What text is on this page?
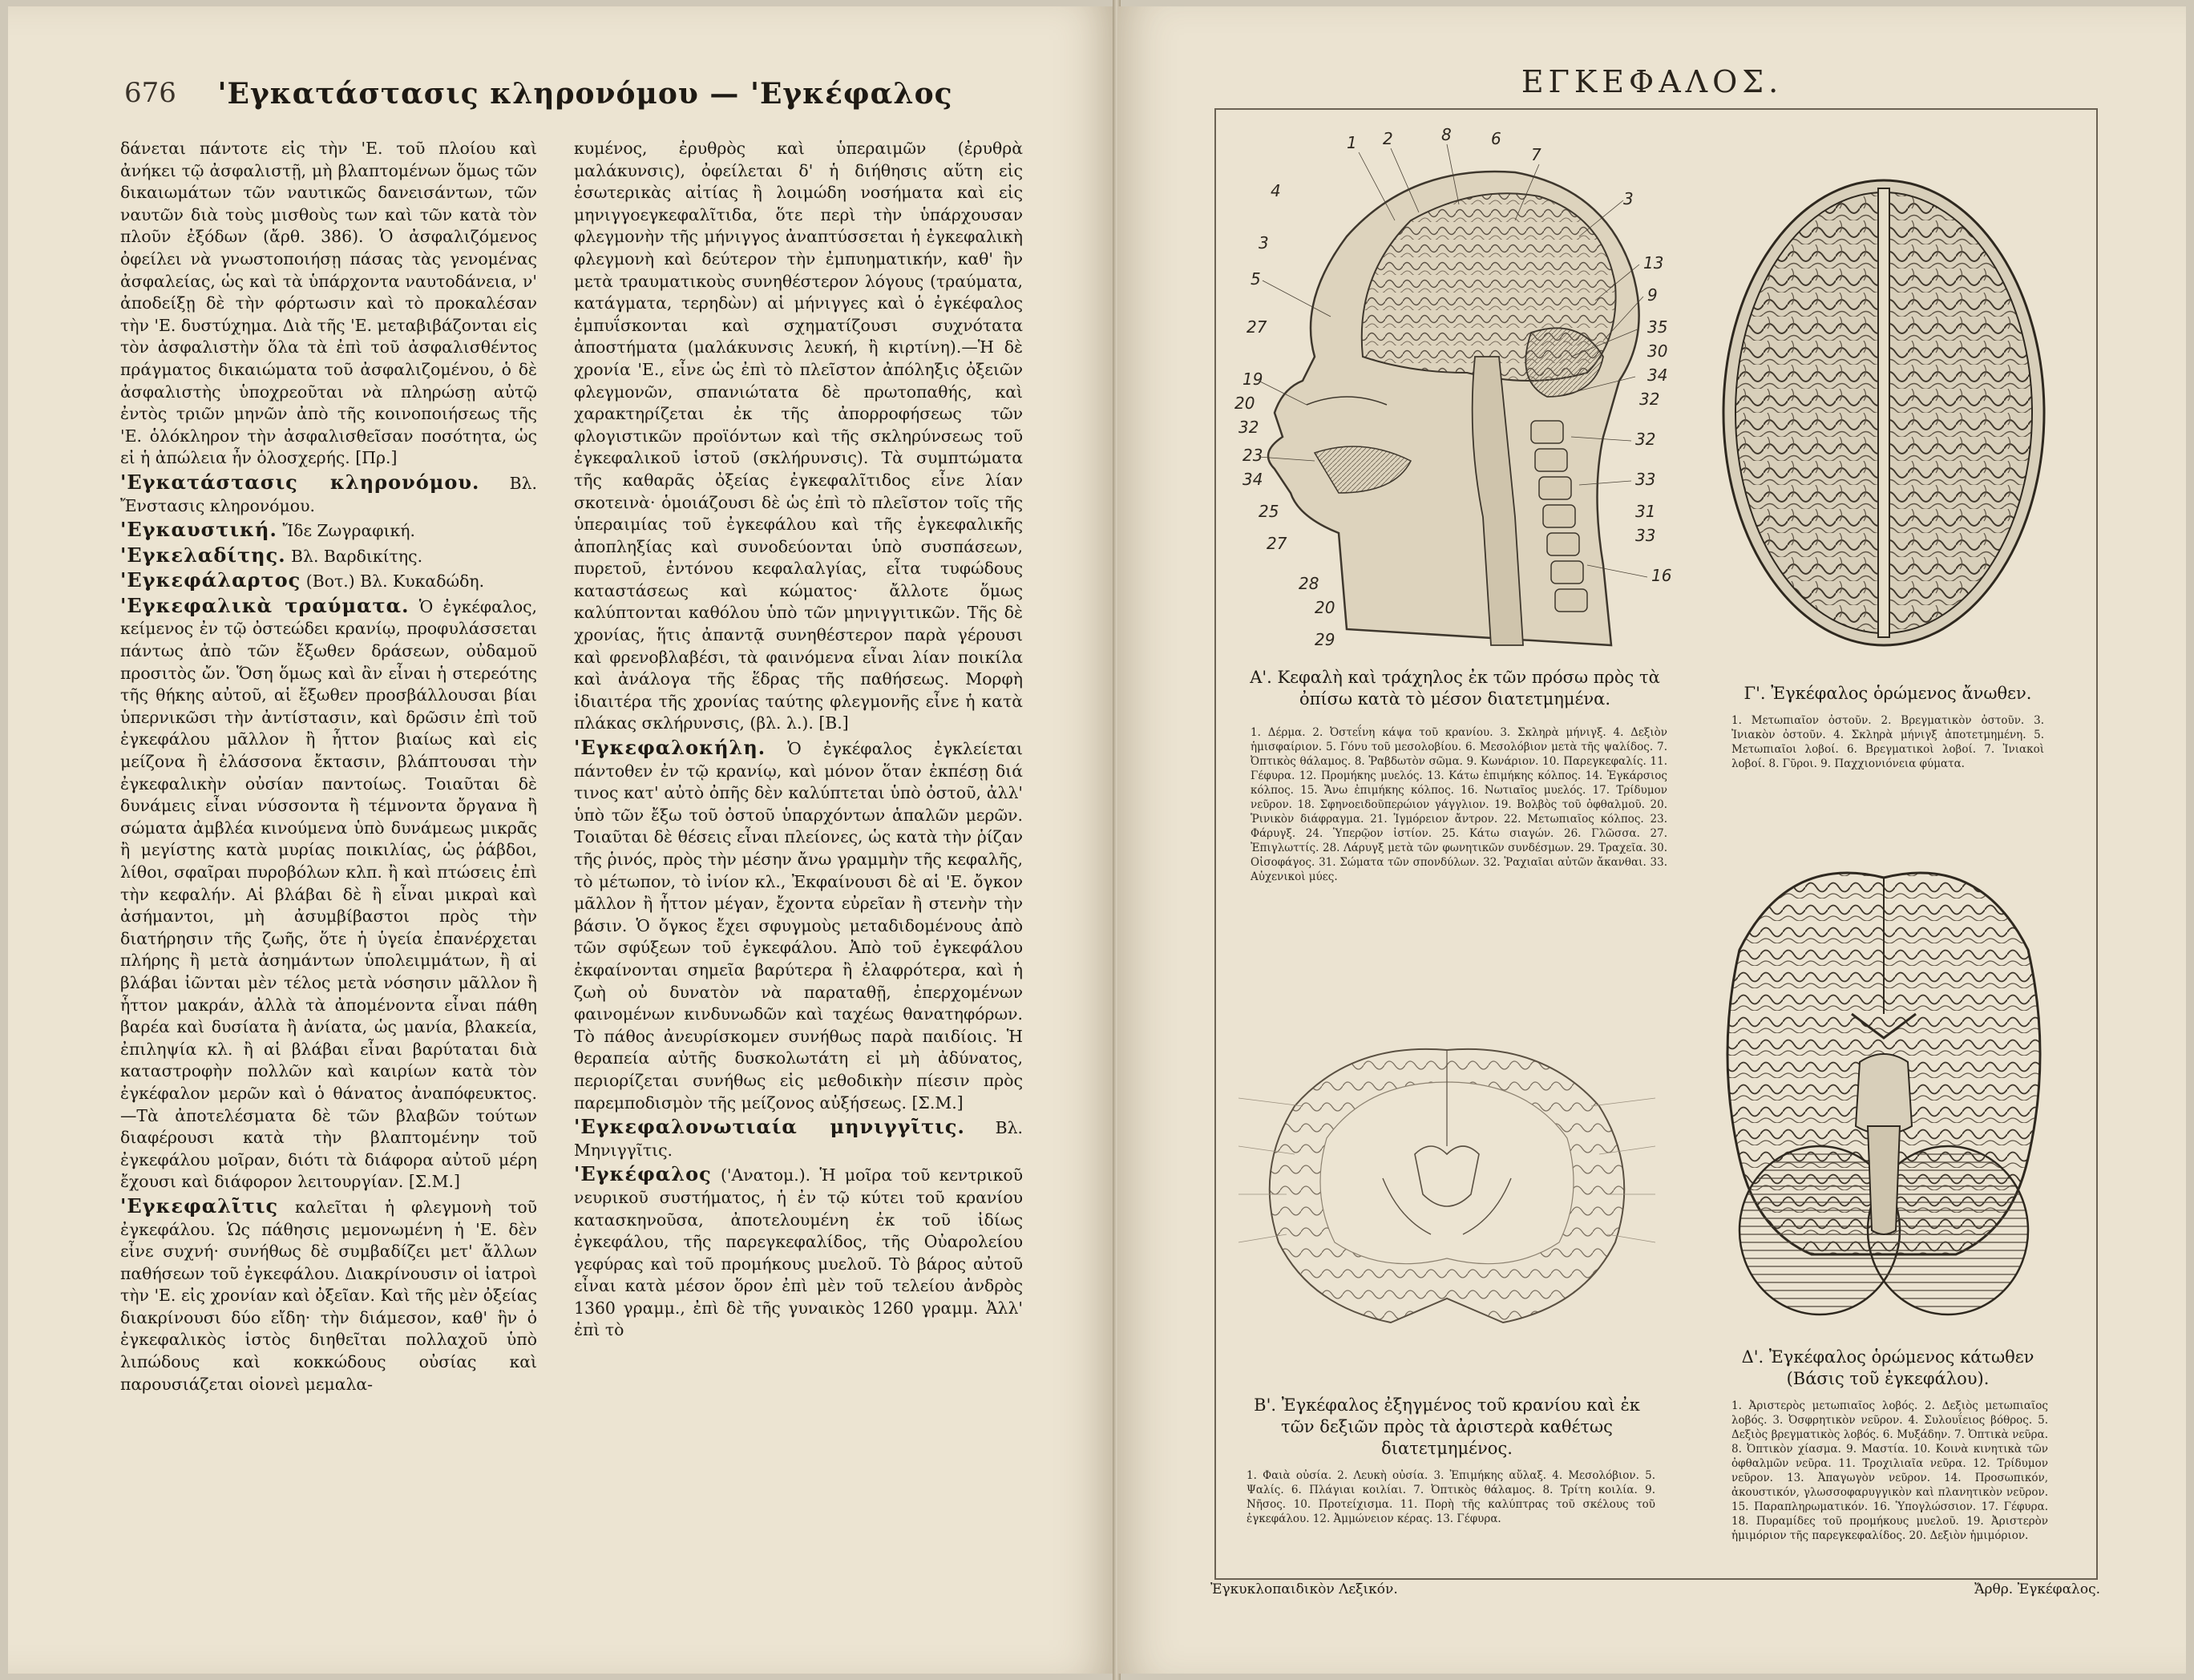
676	'Εγκατάστασις κληρονόμου — 'Εγκέφαλος

δάνεται πάντοτε εἰς τὴν 'Ε. τοῦ πλοίου καὶ ἀνήκει τῷ ἀσφαλιστῇ, μὴ βλαπτομένων ὅμως τῶν δικαιωμάτων τῶν ναυτικῶς δανεισάντων, τῶν ναυτῶν διὰ τοὺς μισθοὺς των καὶ τῶν κατὰ τὸν πλοῦν ἐξόδων (ἄρθ. 386). Ὁ ἀσφαλιζόμενος ὀφείλει νὰ γνωστοποιήσῃ πάσας τὰς γενομένας ἀσφαλείας, ὡς καὶ τὰ ὑπάρχοντα ναυτοδάνεια, ν' ἀποδείξῃ δὲ τὴν φόρτωσιν καὶ τὸ προκαλέσαν τὴν 'Ε. δυστύχημα. Διὰ τῆς 'Ε. μεταβιβάζονται εἰς τὸν ἀσφαλιστὴν ὅλα τὰ ἐπὶ τοῦ ἀσφαλισθέντος πράγματος δικαιώματα τοῦ ἀσφαλιζομένου, ὁ δὲ ἀσφαλιστὴς ὑποχρεοῦται νὰ πληρώσῃ αὐτῷ ἐντὸς τριῶν μηνῶν ἀπὸ τῆς κοινοποιήσεως τῆς 'Ε. ὁλόκληρον τὴν ἀσφαλισθεῖσαν ποσότητα, ὡς εἰ ἡ ἀπώλεια ἦν ὁλοσχερής. [Πρ.]

'Εγκατάστασις κληρονόμου. Βλ. Ἔνστασις κληρονόμου.

'Εγκαυστική. Ἴδε Ζωγραφική.

'Εγκελαδίτης. Βλ. Βαρδικίτης.

'Εγκεφάλαρτος (Βοτ.) Βλ. Κυκαδώδη.

'Εγκεφαλικὰ τραύματα. Ὁ ἐγκέφαλος, κείμενος ἐν τῷ ὀστεώδει κρανίῳ, προφυλάσσεται πάντως ἀπὸ τῶν ἔξωθεν δράσεων, οὐδαμοῦ προσιτὸς ὤν. Ὅση ὅμως καὶ ἂν εἶναι ἡ στερεότης τῆς θήκης αὐτοῦ, αἱ ἔξωθεν προσβάλλουσαι βίαι ὑπερνικῶσι τὴν ἀντίστασιν, καὶ δρῶσιν ἐπὶ τοῦ ἐγκεφάλου μᾶλλον ἢ ἧττον βιαίως καὶ εἰς μείζονα ἢ ἐλάσσονα ἔκτασιν, βλάπτουσαι τὴν ἐγκεφαλικὴν οὐσίαν παντοίως. Τοιαῦται δὲ δυνάμεις εἶναι νύσσοντα ἢ τέμνοντα ὄργανα ἢ σώματα ἀμβλέα κινούμενα ὑπὸ δυνάμεως μικρᾶς ἢ μεγίστης κατὰ μυρίας ποικιλίας, ὡς ῥάβδοι, λίθοι, σφαῖραι πυροβόλων κλπ. ἢ καὶ πτώσεις ἐπὶ τὴν κεφαλήν. Αἱ βλάβαι δὲ ἢ εἶναι μικραὶ καὶ ἀσήμαντοι, μὴ ἀσυμβίβαστοι πρὸς τὴν διατήρησιν τῆς ζωῆς, ὅτε ἡ ὑγεία ἐπανέρχεται πλήρης ἢ μετὰ ἀσημάντων ὑπολειμμάτων, ἢ αἱ βλάβαι ἰῶνται μὲν τέλος μετὰ νόσησιν μᾶλλον ἢ ἧττον μακράν, ἀλλὰ τὰ ἀπομένοντα εἶναι πάθη βαρέα καὶ δυσίατα ἢ ἀνίατα, ὡς μανία, βλακεία, ἐπιληψία κλ. ἢ αἱ βλάβαι εἶναι βαρύταται διὰ καταστροφὴν πολλῶν καὶ καιρίων κατὰ τὸν ἐγκέφαλον μερῶν καὶ ὁ θάνατος ἀναπόφευκτος.—Τὰ ἀποτελέσματα δὲ τῶν βλαβῶν τούτων διαφέρουσι κατὰ τὴν βλαπτομένην τοῦ ἐγκεφάλου μοῖραν, διότι τὰ διάφορα αὐτοῦ μέρη ἔχουσι καὶ διάφορον λειτουργίαν. [Σ.Μ.]

'Εγκεφαλῖτις καλεῖται ἡ φλεγμονὴ τοῦ ἐγκεφάλου. Ὡς πάθησις μεμονωμένη ἡ 'Ε. δὲν εἶνε συχνή· συνήθως δὲ συμβαδίζει μετ' ἄλλων παθήσεων τοῦ ἐγκεφάλου. Διακρίνουσιν οἱ ἰατροὶ τὴν 'Ε. εἰς χρονίαν καὶ ὀξεῖαν. Καὶ τῆς μὲν ὀξείας διακρίνουσι δύο εἴδη· τὴν διάμεσον, καθ' ἣν ὁ ἐγκεφαλικὸς ἱστὸς διηθεῖται πολλαχοῦ ὑπὸ λιπώδους καὶ κοκκώδους οὐσίας καὶ παρουσιάζεται οἱονεὶ μεμαλα-

κυμένος, ἐρυθρὸς καὶ ὑπεραιμῶν (ἐρυθρὰ μαλάκυνσις), ὀφείλεται δ' ἡ διήθησις αὕτη εἰς ἐσωτερικὰς αἰτίας ἢ λοιμώδη νοσήματα καὶ εἰς μηνιγγοεγκεφαλῖτιδα, ὅτε περὶ τὴν ὑπάρχουσαν φλεγμονὴν τῆς μήνιγγος ἀναπτύσσεται ἡ ἐγκεφαλικὴ φλεγμονὴ καὶ δεύτερον τὴν ἐμπυηματικήν, καθ' ἣν μετὰ τραυματικοὺς συνηθέστερον λόγους (τραύματα, κατάγματα, τερηδὼν) αἱ μήνιγγες καὶ ὁ ἐγκέφαλος ἐμπυΐσκονται καὶ σχηματίζουσι συχνότατα ἀποστήματα (μαλάκυνσις λευκή, ἢ κιρτίνη).—Ἡ δὲ χρονία 'Ε., εἶνε ὡς ἐπὶ τὸ πλεῖστον ἀπόληξις ὀξειῶν φλεγμονῶν, σπανιώτατα δὲ πρωτοπαθής, καὶ χαρακτηρίζεται ἐκ τῆς ἀπορροφήσεως τῶν φλογιστικῶν προϊόντων καὶ τῆς σκληρύνσεως τοῦ ἐγκεφαλικοῦ ἱστοῦ (σκλήρυνσις). Τὰ συμπτώματα τῆς καθαρᾶς ὀξείας ἐγκεφαλῖτιδος εἶνε λίαν σκοτεινὰ· ὁμοιάζουσι δὲ ὡς ἐπὶ τὸ πλεῖστον τοῖς τῆς ὑπεραιμίας τοῦ ἐγκεφάλου καὶ τῆς ἐγκεφαλικῆς ἀποπληξίας καὶ συνοδεύονται ὑπὸ συσπάσεων, πυρετοῦ, ἐντόνου κεφαλαλγίας, εἶτα τυφώδους καταστάσεως καὶ κώματος· ἄλλοτε ὅμως καλύπτονται καθόλου ὑπὸ τῶν μηνιγγιτικῶν. Τῆς δὲ χρονίας, ἥτις ἀπαντᾷ συνηθέστερον παρὰ γέρουσι καὶ φρενοβλαβέσι, τὰ φαινόμενα εἶναι λίαν ποικίλα καὶ ἀνάλογα τῆς ἕδρας τῆς παθήσεως. Μορφὴ ἰδιαιτέρα τῆς χρονίας ταύτης φλεγμονῆς εἶνε ἡ κατὰ πλάκας σκλήρυνσις, (βλ. λ.). [Β.]

'Εγκεφαλοκήλη. Ὁ ἐγκέφαλος ἐγκλείεται πάντοθεν ἐν τῷ κρανίῳ, καὶ μόνον ὅταν ἐκπέσῃ διά τινος κατ' αὐτὸ ὀπῆς δὲν καλύπτεται ὑπὸ ὀστοῦ, ἀλλ' ὑπὸ τῶν ἔξω τοῦ ὀστοῦ ὑπαρχόντων ἁπαλῶν μερῶν. Τοιαῦται δὲ θέσεις εἶναι πλείονες, ὡς κατὰ τὴν ῥίζαν τῆς ῥινός, πρὸς τὴν μέσην ἄνω γραμμὴν τῆς κεφαλῆς, τὸ μέτωπον, τὸ ἰνίον κλ., Ἐκφαίνουσι δὲ αἱ 'Ε. ὄγκον μᾶλλον ἢ ἧττον μέγαν, ἔχοντα εὐρεῖαν ἢ στενὴν τὴν βάσιν. Ὁ ὄγκος ἔχει σφυγμοὺς μεταδιδομένους ἀπὸ τῶν σφύξεων τοῦ ἐγκεφάλου. Ἀπὸ τοῦ ἐγκεφάλου ἐκφαίνονται σημεῖα βαρύτερα ἢ ἐλαφρότερα, καὶ ἡ ζωὴ οὐ δυνατὸν νὰ παραταθῇ, ἐπερχομένων φαινομένων κινδυνωδῶν καὶ ταχέως θανατηφόρων. Τὸ πάθος ἀνευρίσκομεν συνήθως παρὰ παιδίοις. Ἡ θεραπεία αὐτῆς δυσκολωτάτη εἰ μὴ ἀδύνατος, περιορίζεται συνήθως εἰς μεθοδικὴν πίεσιν πρὸς παρεμποδισμὸν τῆς μείζονος αὐξήσεως. [Σ.Μ.]

'Εγκεφαλονωτιαία μηνιγγῖτις. Βλ. Μηνιγγῖτις.

'Εγκέφαλος ('Ανατομ.). Ἡ μοῖρα τοῦ κεντρικοῦ νευρικοῦ συστήματος, ἡ ἐν τῷ κύτει τοῦ κρανίου κατασκηνοῦσα, ἀποτελουμένη ἐκ τοῦ ἰδίως ἐγκεφάλου, τῆς παρεγκεφαλίδος, τῆς Οὐαρολείου γεφύρας καὶ τοῦ προμήκους μυελοῦ. Τὸ βάρος αὐτοῦ εἶναι κατὰ μέσον ὅρον ἐπὶ μὲν τοῦ τελείου ἀνδρὸς 1360 γραμμ., ἐπὶ δὲ τῆς γυναικὸς 1260 γραμμ. Ἀλλ' ἐπὶ τὸ

ΕΓΚΕΦΑΛΟΣ.
1 2	8 6
7
3
4
3
5
27
19
20
32
23
34
25
27
28
20
29
13
9
35
30
34
32
32
33
31
33
16
Α'. Κεφαλὴ καὶ τράχηλος ἐκ τῶν πρόσω πρὸς τὰ ὀπίσω κατὰ τὸ μέσον διατετμημένα.
1. Δέρμα. 2. Ὀστεΐνη κάψα τοῦ κρανίου. 3. Σκληρὰ μήνιγξ. 4. Δεξιὸν ἡμισφαίριον. 5. Γόνυ τοῦ μεσολοβίου. 6. Μεσολόβιον μετὰ τῆς ψαλίδος. 7. Ὀπτικὸς θάλαμος. 8. Ῥαβδωτὸν σῶμα. 9. Κωνάριον. 10. Παρεγκεφαλίς. 11. Γέφυρα. 12. Προμήκης μυελός. 13. Κάτω ἐπιμήκης κόλπος. 14. Ἐγκάρσιος κόλπος. 15. Ἄνω ἐπιμήκης κόλπος. 16. Νωτιαῖος μυελός. 17. Τρίδυμον νεῦρον. 18. Σφηνοειδοῦπερώιον γάγγλιον. 19. Βολβὸς τοῦ ὀφθαλμοῦ. 20. Ῥινικὸν διάφραγμα. 21. Ἱγμόρειον ἄντρον. 22. Μετωπιαῖος κόλπος. 23. Φάρυγξ. 24. Ὑπερῷον ἱστίον. 25. Κάτω σιαγών. 26. Γλῶσσα. 27. Ἐπιγλωττίς. 28. Λάρυγξ μετὰ τῶν φωνητικῶν συνδέσμων. 29. Τραχεῖα. 30. Οἰσοφάγος. 31. Σώματα τῶν σπονδύλων. 32. Ῥαχιαῖαι αὐτῶν ἄκανθαι. 33. Αὐχενικοὶ μύες.
Γ'. Ἐγκέφαλος ὁρώμενος ἄνωθεν.
1. Μετωπιαῖον ὀστοῦν. 2. Βρεγματικὸν ὀστοῦν. 3. Ἰνιακὸν ὀστοῦν. 4. Σκληρὰ μήνιγξ ἀποτετμημένη. 5. Μετωπιαῖοι λοβοί. 6. Βρεγματικοὶ λοβοί. 7. Ἰνιακοὶ λοβοί. 8. Γῦροι. 9. Παχχιονιόνεια φύματα.
Β'. Ἐγκέφαλος ἐξηγμένος τοῦ κρανίου καὶ ἐκ τῶν δεξιῶν πρὸς τὰ ἀριστερὰ καθέτως διατετμημένος.
1. Φαιὰ οὐσία. 2. Λευκὴ οὐσία. 3. Ἐπιμήκης αὔλαξ. 4. Μεσολόβιον. 5. Ψαλίς. 6. Πλάγιαι κοιλίαι. 7. Ὀπτικὸς θάλαμος. 8. Τρίτη κοιλία. 9. Νῆσος. 10. Προτείχισμα. 11. Πορὴ τῆς καλύπτρας τοῦ σκέλους τοῦ ἐγκεφάλου. 12. Ἀμμώνειον κέρας. 13. Γέφυρα.
Δ'. Ἐγκέφαλος ὁρώμενος κάτωθεν (Βάσις τοῦ ἐγκεφάλου).
1. Ἀριστερὸς μετωπιαῖος λοβός. 2. Δεξιὸς μετωπιαῖος λοβός. 3. Ὀσφρητικὸν νεῦρον. 4. Συλουΐειος βόθρος. 5. Δεξιὸς βρεγματικὸς λοβός. 6. Μυξάδην. 7. Ὀπτικὰ νεῦρα. 8. Ὀπτικὸν χίασμα. 9. Μαστία. 10. Κοινὰ κινητικὰ τῶν ὀφθαλμῶν νεῦρα. 11. Τροχιλιαῖα νεῦρα. 12. Τρίδυμον νεῦρον. 13. Ἀπαγωγὸν νεῦρον. 14. Προσωπικόν, ἀκουστικόν, γλωσσοφαρυγγικὸν καὶ πλανητικὸν νεῦρον. 15. Παραπληρωματικόν. 16. Ὑπογλώσσιον. 17. Γέφυρα. 18. Πυραμίδες τοῦ προμήκους μυελοῦ. 19. Ἀριστερὸν ἡμιμόριον τῆς παρεγκεφαλίδος. 20. Δεξιὸν ἡμιμόριον.
Ἐγκυκλοπαιδικὸν Λεξικόν.	Ἄρθρ. Ἐγκέφαλος.
